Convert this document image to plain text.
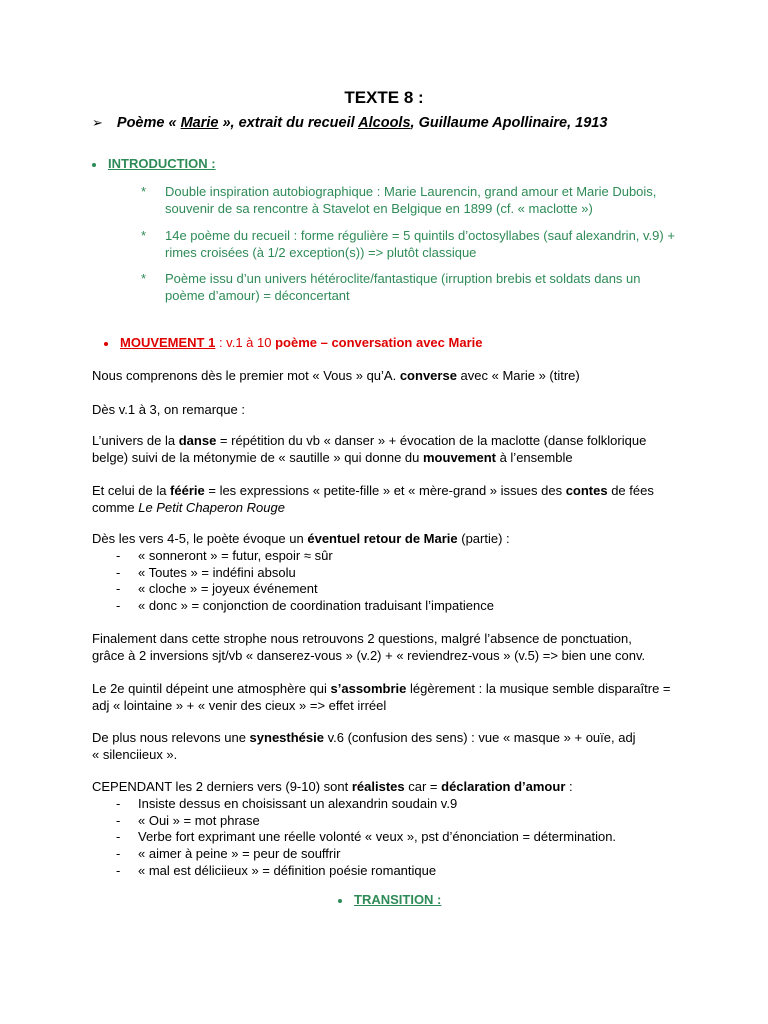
TEXTE 8 :
➢ Poème « Marie », extrait du recueil Alcools, Guillaume Apollinaire, 1913
INTRODUCTION :
* Double inspiration autobiographique : Marie Laurencin, grand amour et Marie Dubois,
souvenir de sa rencontre à Stavelot en Belgique en 1899 (cf. « maclotte »)
* 14e poème du recueil : forme régulière = 5 quintils d’octosyllabes (sauf alexandrin, v.9) +
rimes croisées (à 1/2 exception(s)) => plutôt classique
* Poème issu d’un univers hétéroclite/fantastique (irruption brebis et soldats dans un
poème d’amour) = déconcertant
MOUVEMENT 1 : v.1 à 10 poème – conversation avec Marie
Nous comprenons dès le premier mot « Vous » qu’A. converse avec « Marie » (titre)
Dès v.1 à 3, on remarque :
L’univers de la danse = répétition du vb « danser » + évocation de la maclotte (danse folklorique
belge) suivi de la métonymie de « sautille » qui donne du mouvement à l’ensemble
Et celui de la féérie = les expressions « petite-fille » et « mère-grand » issues des contes de fées
comme Le Petit Chaperon Rouge
Dès les vers 4-5, le poète évoque un éventuel retour de Marie (partie) :
- « sonneront » = futur, espoir ≈ sûr
- « Toutes » = indéfini absolu
- « cloche » = joyeux événement
- « donc » = conjonction de coordination traduisant l’impatience
Finalement dans cette strophe nous retrouvons 2 questions, malgré l’absence de ponctuation,
grâce à 2 inversions sjt/vb « danserez-vous » (v.2) + « reviendrez-vous » (v.5) => bien une conv.
Le 2e quintil dépeint une atmosphère qui s’assombrie légèrement : la musique semble disparaître =
adj « lointaine » + « venir des cieux » => effet irréel
De plus nous relevons une synesthésie v.6 (confusion des sens) : vue « masque » + ouïe, adj
« silenciieux ».
CEPENDANT les 2 derniers vers (9-10) sont réalistes car = déclaration d’amour :
- Insiste dessus en choisissant un alexandrin soudain v.9
- « Oui » = mot phrase
- Verbe fort exprimant une réelle volonté « veux », pst d’énonciation = détermination.
- « aimer à peine » = peur de souffrir
- « mal est déliciieux » = définition poésie romantique
TRANSITION :
